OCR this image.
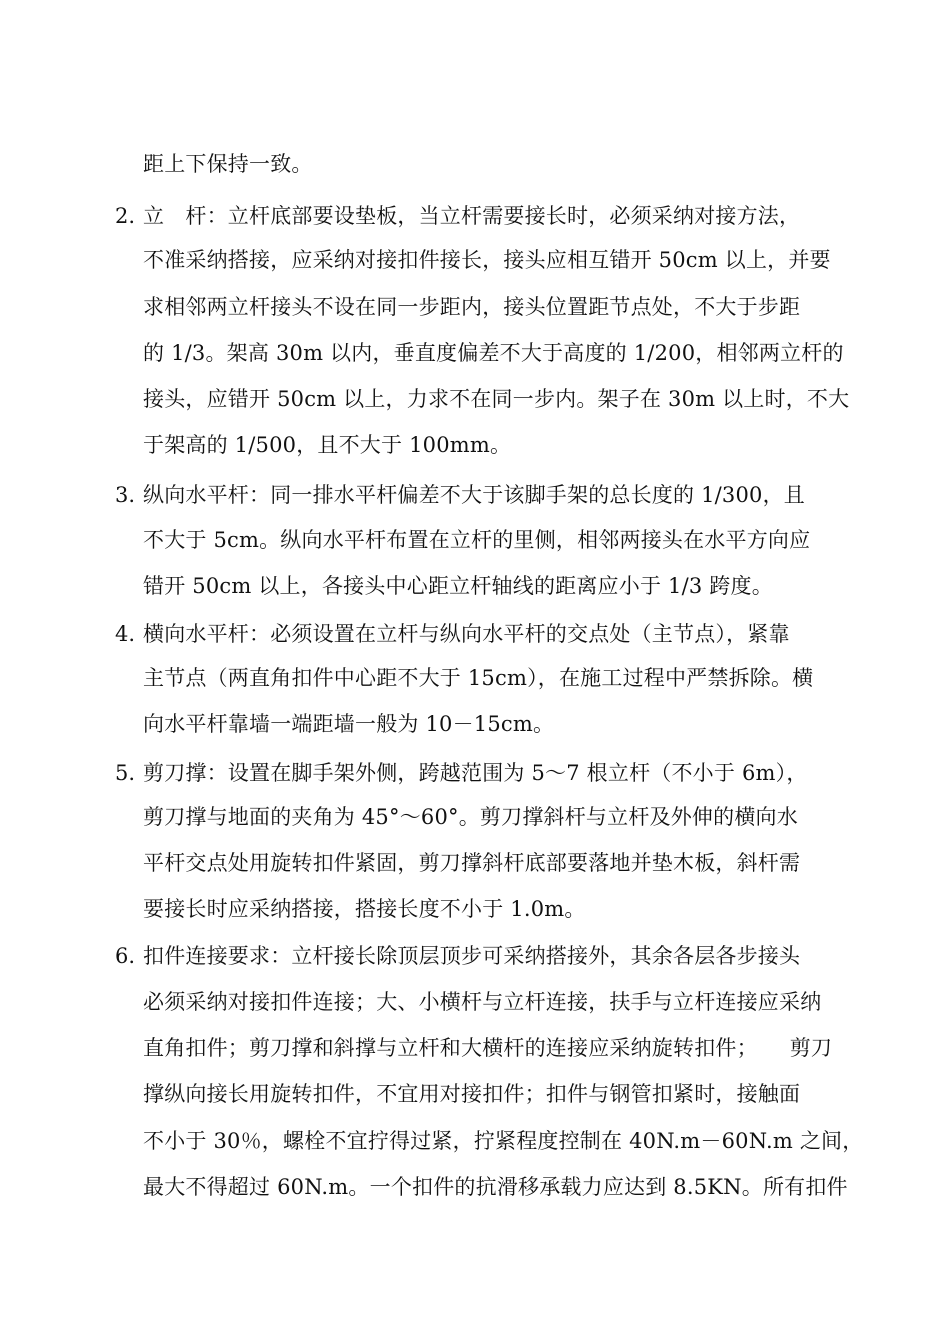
距上下保持一致。
2. 立　杆：立杆底部要设垫板，当立杆需要接长时，必须采纳对接方法，
不准采纳搭接，应采纳对接扣件接长，接头应相互错开 50cm 以上，并要
求相邻两立杆接头不设在同一步距内，接头位置距节点处，不大于步距
的 1/3。架高 30m 以内，垂直度偏差不大于高度的 1/200，相邻两立杆的
接头，应错开 50cm 以上，力求不在同一步内。架子在 30m 以上时，不大
于架高的 1/500，且不大于 100mm。
3. 纵向水平杆：同一排水平杆偏差不大于该脚手架的总长度的 1/300，且
不大于 5cm。纵向水平杆布置在立杆的里侧，相邻两接头在水平方向应
错开 50cm 以上，各接头中心距立杆轴线的距离应小于 1/3 跨度。
4. 横向水平杆：必须设置在立杆与纵向水平杆的交点处（主节点），紧靠
主节点（两直角扣件中心距不大于 15cm），在施工过程中严禁拆除。横
向水平杆靠墙一端距墙一般为 10－15cm。
5. 剪刀撑：设置在脚手架外侧，跨越范围为 5～7 根立杆（不小于 6m），
剪刀撑与地面的夹角为 45°～60°。剪刀撑斜杆与立杆及外伸的横向水
平杆交点处用旋转扣件紧固，剪刀撑斜杆底部要落地并垫木板，斜杆需
要接长时应采纳搭接，搭接长度不小于 1.0m。
6. 扣件连接要求：立杆接长除顶层顶步可采纳搭接外，其余各层各步接头
必须采纳对接扣件连接；大、小横杆与立杆连接，扶手与立杆连接应采纳
直角扣件；剪刀撑和斜撑与立杆和大横杆的连接应采纳旋转扣件；　　剪刀
撑纵向接长用旋转扣件，不宜用对接扣件；扣件与钢管扣紧时，接触面
不小于 30％，螺栓不宜拧得过紧，拧紧程度控制在 40N.m－60N.m 之间，
最大不得超过 60N.m。一个扣件的抗滑移承载力应达到 8.5KN。所有扣件
